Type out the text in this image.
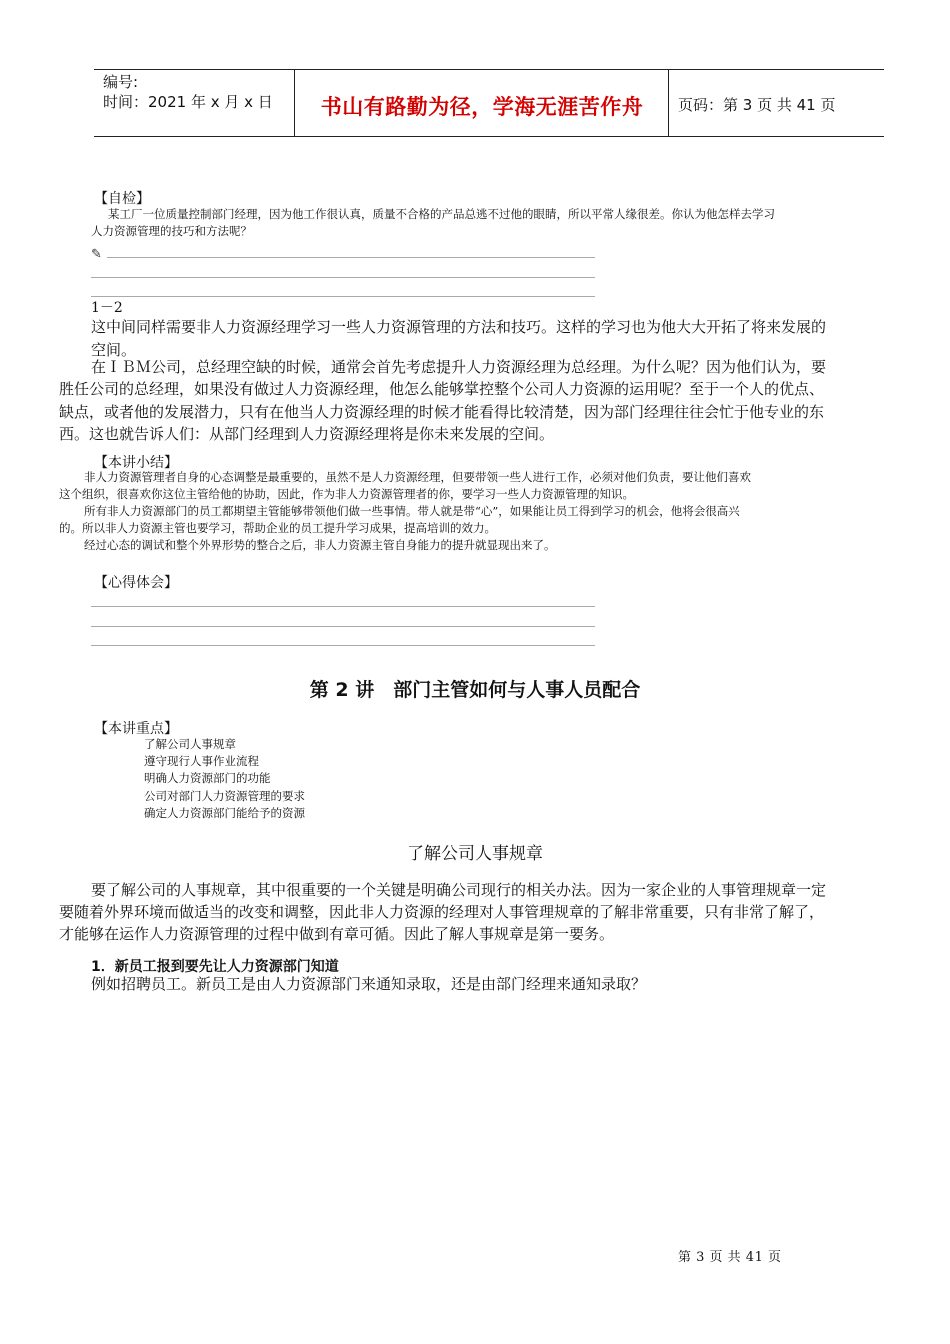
编号:
时间：2021 年 x 月 x 日	书山有路勤为径，学海无涯苦作舟	页码：第 3 页 共 41 页
【自检】
某工厂一位质量控制部门经理，因为他工作很认真，质量不合格的产品总逃不过他的眼睛，所以平常人缘很差。你认为他怎样去学习
人力资源管理的技巧和方法呢？
✎
1－2
这中间同样需要非人力资源经理学习一些人力资源管理的方法和技巧。这样的学习也为他大大开拓了将来发展的
空间。
在ＩＢＭ公司，总经理空缺的时候，通常会首先考虑提升人力资源经理为总经理。为什么呢？因为他们认为，要
胜任公司的总经理，如果没有做过人力资源经理，他怎么能够掌控整个公司人力资源的运用呢？至于一个人的优点、
缺点，或者他的发展潜力，只有在他当人力资源经理的时候才能看得比较清楚，因为部门经理往往会忙于他专业的东
西。这也就告诉人们：从部门经理到人力资源经理将是你未来发展的空间。
【本讲小结】
非人力资源管理者自身的心态调整是最重要的，虽然不是人力资源经理，但要带领一些人进行工作，必须对他们负责，要让他们喜欢
这个组织，很喜欢你这位主管给他的协助，因此，作为非人力资源管理者的你，要学习一些人力资源管理的知识。
所有非人力资源部门的员工都期望主管能够带领他们做一些事情。带人就是带“心”，如果能让员工得到学习的机会，他将会很高兴
的。所以非人力资源主管也要学习，帮助企业的员工提升学习成果，提高培训的效力。
经过心态的调试和整个外界形势的整合之后，非人力资源主管自身能力的提升就显现出来了。
【心得体会】
第 2 讲　部门主管如何与人事人员配合
【本讲重点】
了解公司人事规章
遵守现行人事作业流程
明确人力资源部门的功能
公司对部门人力资源管理的要求
确定人力资源部门能给予的资源
了解公司人事规章
要了解公司的人事规章，其中很重要的一个关键是明确公司现行的相关办法。因为一家企业的人事管理规章一定
要随着外界环境而做适当的改变和调整，因此非人力资源的经理对人事管理规章的了解非常重要，只有非常了解了，
才能够在运作人力资源管理的过程中做到有章可循。因此了解人事规章是第一要务。
1．新员工报到要先让人力资源部门知道
例如招聘员工。新员工是由人力资源部门来通知录取，还是由部门经理来通知录取？
第 3 页 共 41 页
